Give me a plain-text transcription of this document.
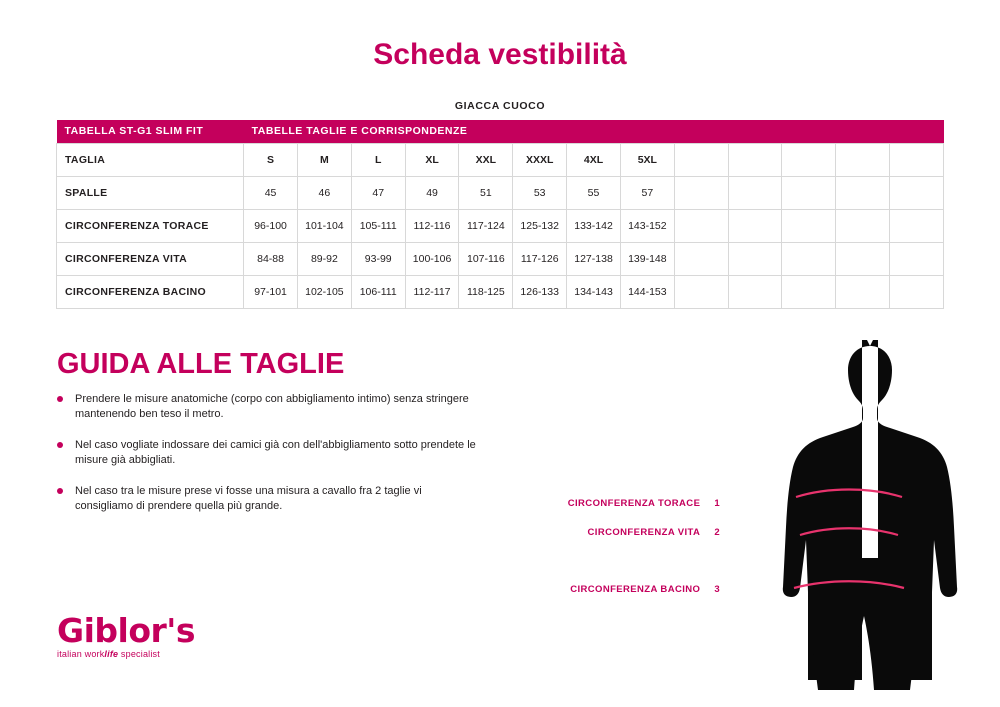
Scheda vestibilità
GIACCA CUOCO
TABELLA ST-G1 SLIM FIT	TABELLE TAGLIE E CORRISPONDENZE												
TAGLIA	S	M	L	XL	XXL	XXXL	4XL	5XL					
SPALLE	45	46	47	49	51	53	55	57					
CIRCONFERENZA TORACE	96-100	101-104	105-111	112-116	117-124	125-132	133-142	143-152					
CIRCONFERENZA VITA	84-88	89-92	93-99	100-106	107-116	117-126	127-138	139-148					
CIRCONFERENZA BACINO	97-101	102-105	106-111	112-117	118-125	126-133	134-143	144-153					
GUIDA ALLE TAGLIE
Prendere le misure anatomiche (corpo con abbigliamento intimo) senza stringere mantenendo ben teso il metro.
Nel caso vogliate indossare dei camici già con dell'abbigliamento sotto prendete le misure già abbigliati.
Nel caso tra le misure prese vi fosse una misura a cavallo fra 2 taglie vi consigliamo di prendere quella più grande.	CIRCONFERENZA TORACE 1
CIRCONFERENZA VITA 2
CIRCONFERENZA BACINO 3
Giblor's
italian worklife specialist
